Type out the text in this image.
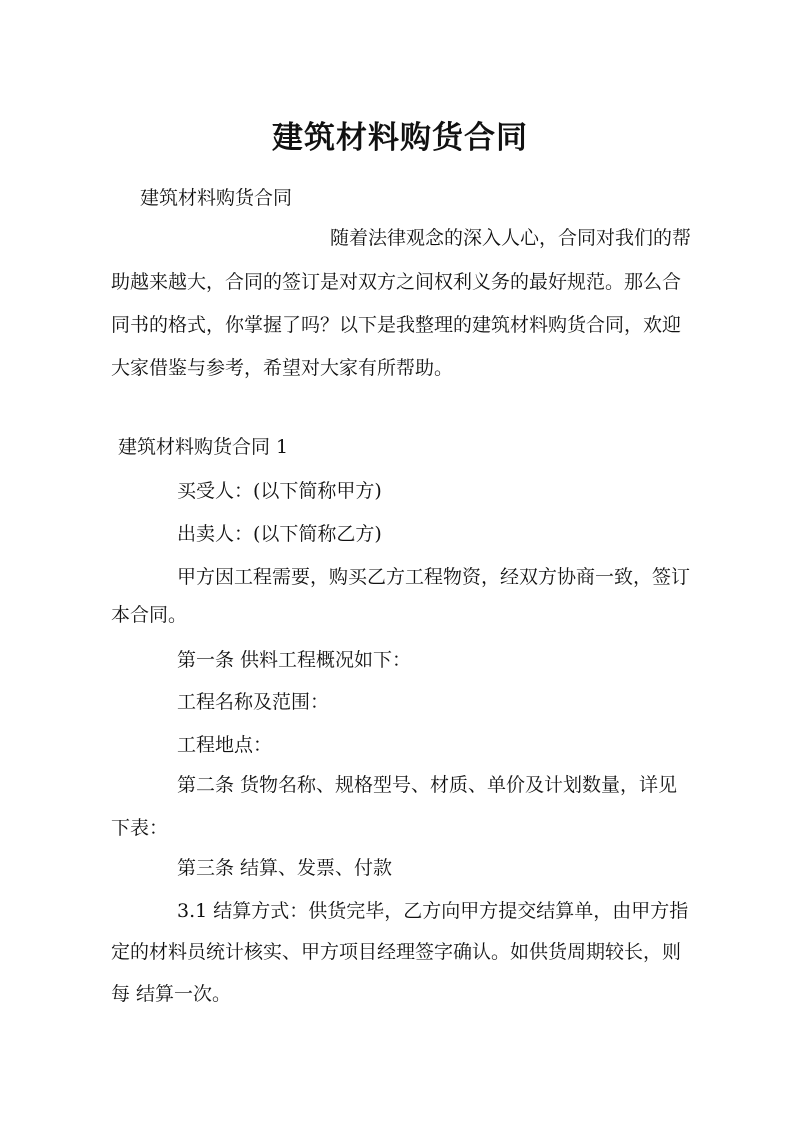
建筑材料购货合同

建筑材料购货合同

随着法律观念的深入人心，合同对我们的帮

助越来越大，合同的签订是对双方之间权利义务的最好规范。那么合

同书的格式，你掌握了吗？以下是我整理的建筑材料购货合同，欢迎

大家借鉴与参考，希望对大家有所帮助。

建筑材料购货合同 1

买受人：(以下简称甲方)

出卖人：(以下简称乙方)

甲方因工程需要，购买乙方工程物资，经双方协商一致，签订

本合同。

第一条 供料工程概况如下：

工程名称及范围：

工程地点：

第二条 货物名称、规格型号、材质、单价及计划数量，详见

下表：

第三条 结算、发票、付款

3.1 结算方式：供货完毕，乙方向甲方提交结算单，由甲方指

定的材料员统计核实、甲方项目经理签字确认。如供货周期较长，则

每 结算一次。
